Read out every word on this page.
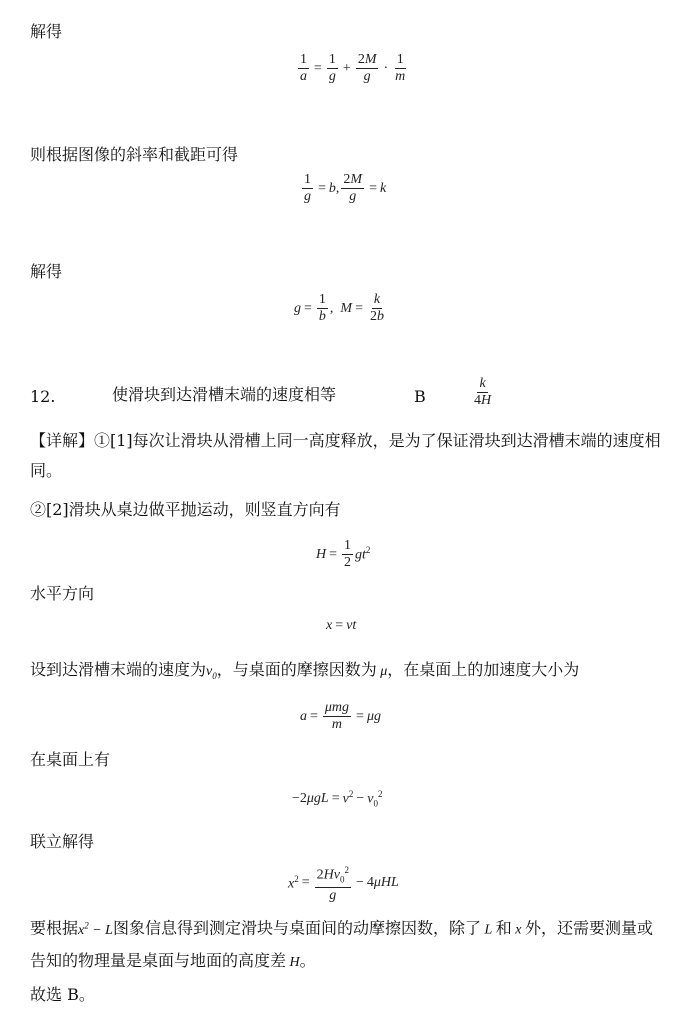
解得
$\frac{1}{a} = \frac{1}{g} + \frac{2M}{g} \cdot \frac{1}{m}$
则根据图像的斜率和截距可得
$\frac{1}{g} = b$ , $\frac{2M}{g} = k$
解得
$g = \frac{1}{b}$ , $M = \frac{k}{2b}$
12.	使滑块到达滑槽末端的速度相等	B	$\frac{k}{4H}$
【详解】①[1]每次让滑块从滑槽上同一高度释放，是为了保证滑块到达滑槽末端的速度相同。
②[2]滑块从桌边做平抛运动，则竖直方向有
$H = \frac{1}{2} gt^2$
水平方向
x = vt
设到达滑槽末端的速度为$v_0$，与桌面的摩擦因数为 μ，在桌面上的加速度大小为
$a = \frac{\text{μmg}}{m} = \mu g$
在桌面上有
−2 $\mu gL = v^2 - v_0^2$
联立解得
$x^2 = \frac{2Hv_0^2}{g} - 4$ μHL
要根据$x^2 - L$图象信息得到测定滑块与桌面间的动摩擦因数，除了 L 和 x 外，还需要测量或告知的物理量是桌面与地面的高度差 H。
故选 B。
